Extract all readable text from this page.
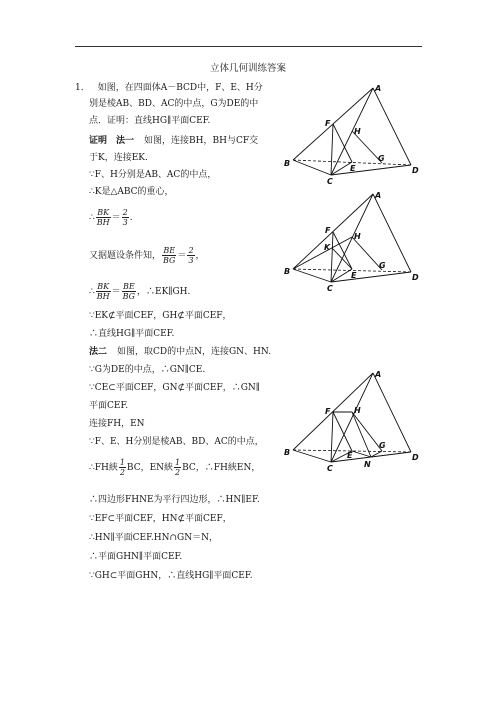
立体几何训练答案
1． 如图，在四面体A－BCD中，F、E、H分
别是棱AB、BD、AC的中点，G为DE的中
点．证明：直线HG∥平面CEF.
证明　法一 如图，连接BH，BH与CF交
于K，连接EK.
∵F、H分别是AB、AC的中点，
∴K是△ABC的重心，
∴ $\frac{BK}{BH} = \frac{2}{3}$ .
又据题设条件知， $\frac{BE}{BG} = \frac{2}{3}$ ，
∴ $\frac{BK}{BH} = \frac{BE}{BG}$ ，∴EK∥GH.
∵EK⊄平面CEF，GH⊄平面CEF，
∴直线HG∥平面CEF.
法二 如图，取CD的中点N，连接GN、HN.
∵G为DE的中点，∴GN∥CE.
∵CE⊂平面CEF，GN⊄平面CEF，∴GN∥
平面CEF.
连接FH，EN
∵F、E、H分别是棱AB、BD、AC的中点，
∴FH綊 $\frac{1}{2}$ BC，EN綊 $\frac{1}{2}$ BC，∴FH綊EN，
∴四边形FHNE为平行四边形，∴HN∥EF.
∵EF⊂平面CEF，HN⊄平面CEF，
∴HN∥平面CEF.HN∩GN＝N，
∴平面GHN∥平面CEF.
∵GH⊂平面GHN，∴直线HG∥平面CEF.
A
B
C
D
E
F
G
H
A
B
C
D
E
F
G
H
K
A
B
C
D
E
F
G
H
N
